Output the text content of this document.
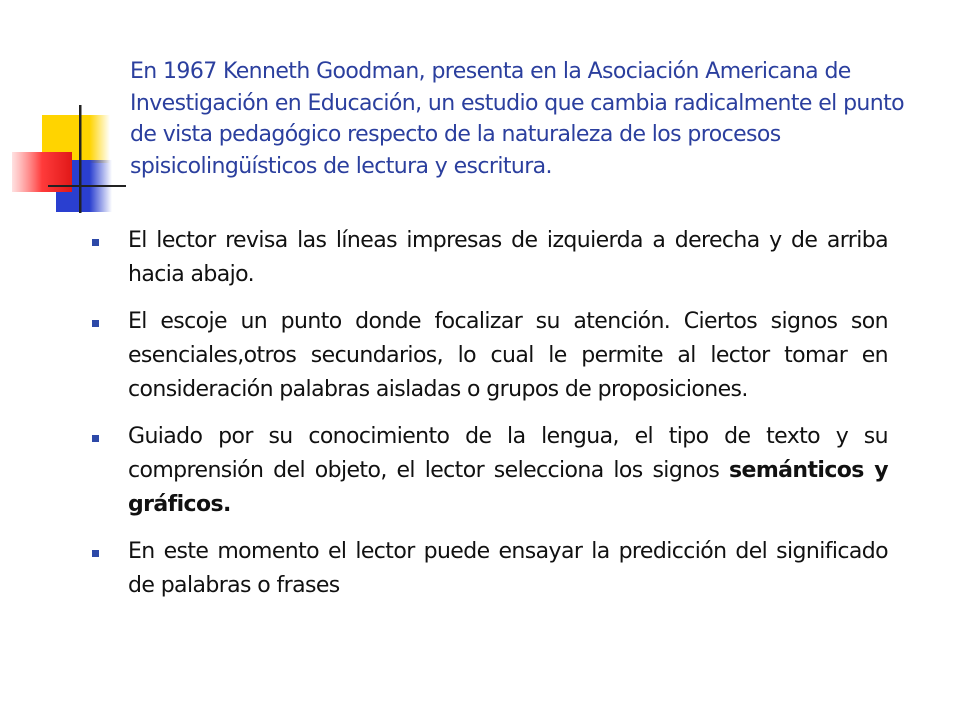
En 1967 Kenneth Goodman, presenta en la Asociación Americana de Investigación en Educación, un estudio que cambia radicalmente el punto de vista pedagógico respecto de la naturaleza de los procesos spisicolingüísticos de lectura y escritura.

El lector revisa las líneas impresas de izquierda a derecha y de arriba hacia abajo.
El escoje un punto donde focalizar su atención. Ciertos signos son esenciales,otros secundarios, lo cual le permite al lector tomar en consideración palabras aisladas o grupos de proposiciones.
Guiado por su conocimiento de la lengua, el tipo de texto y su comprensión del objeto, el lector selecciona los signos semánticos y gráficos.
En este momento el lector puede ensayar la predicción del significado de palabras o frases
